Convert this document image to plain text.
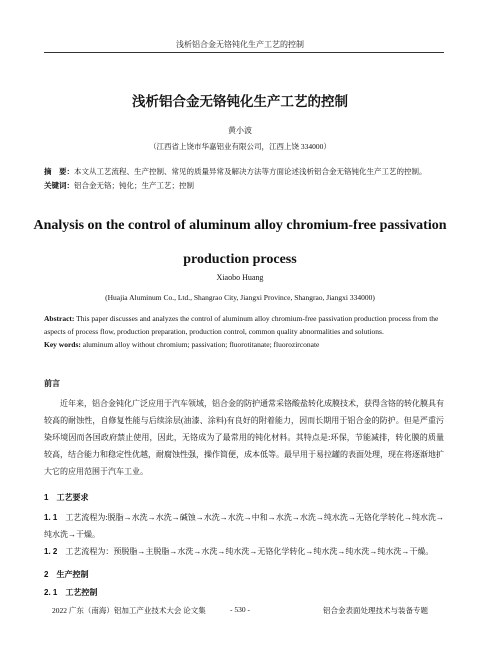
浅析铝合金无铬钝化生产工艺的控制
浅析铝合金无铬钝化生产工艺的控制
黄小波
（江西省上饶市华嘉铝业有限公司，江西上饶 334000）
摘　要：本文从工艺流程、生产控制、常见的质量异常及解决方法等方面论述浅析铝合金无铬钝化生产工艺的控制。
关键词：铝合金无铬；钝化；生产工艺；控制
Analysis on the control of aluminum alloy chromium-free passivation
production process
Xiaobo Huang
(Huajia Aluminum Co., Ltd., Shangrao City, Jiangxi Province, Shangrao, Jiangxi 334000)
Abstract: This paper discusses and analyzes the control of aluminum alloy chromium-free passivation production process from the aspects of process flow, production preparation, production control, common quality abnormalities and solutions.
Key words: aluminum alloy without chromium; passivation; fluorotitanate; fluorozirconate
前言

近年来，铝合金钝化广泛应用于汽车领域，铝合金的防护通常采铬酸盐转化成膜技术，获得含铬的转化膜具有较高的耐蚀性，自修复性能与后续涂层(油漆、涂料)有良好的附着能力，因而长期用于铝合金的防护。但是严重污染环境因而各国政府禁止使用，因此，无铬成为了最常用的钝化材料。其特点是:环保，节能减排，转化膜的质量较高，结合能力和稳定性优越，耐腐蚀性强，操作简便，成本低等。最早用于易拉罐的表面处理，现在将逐渐地扩大它的应用范围于汽车工业。

1　工艺要求

1. 1  工艺流程为:脱脂→水洗→水洗→碱蚀→水洗→水洗→中和→水洗→水洗→纯水洗→无铬化学转化→纯水洗→纯水洗→干燥。

1. 2  工艺流程为：预脱脂→主脱脂→水洗→水洗→纯水洗→无铬化学转化→纯水洗→纯水洗→纯水洗→干燥。

2　生产控制
2. 1　工艺控制
2022 广东（南海）铝加工产业技术大会 论文集	- 530 -	铝合金表面处理技术与装备专题
